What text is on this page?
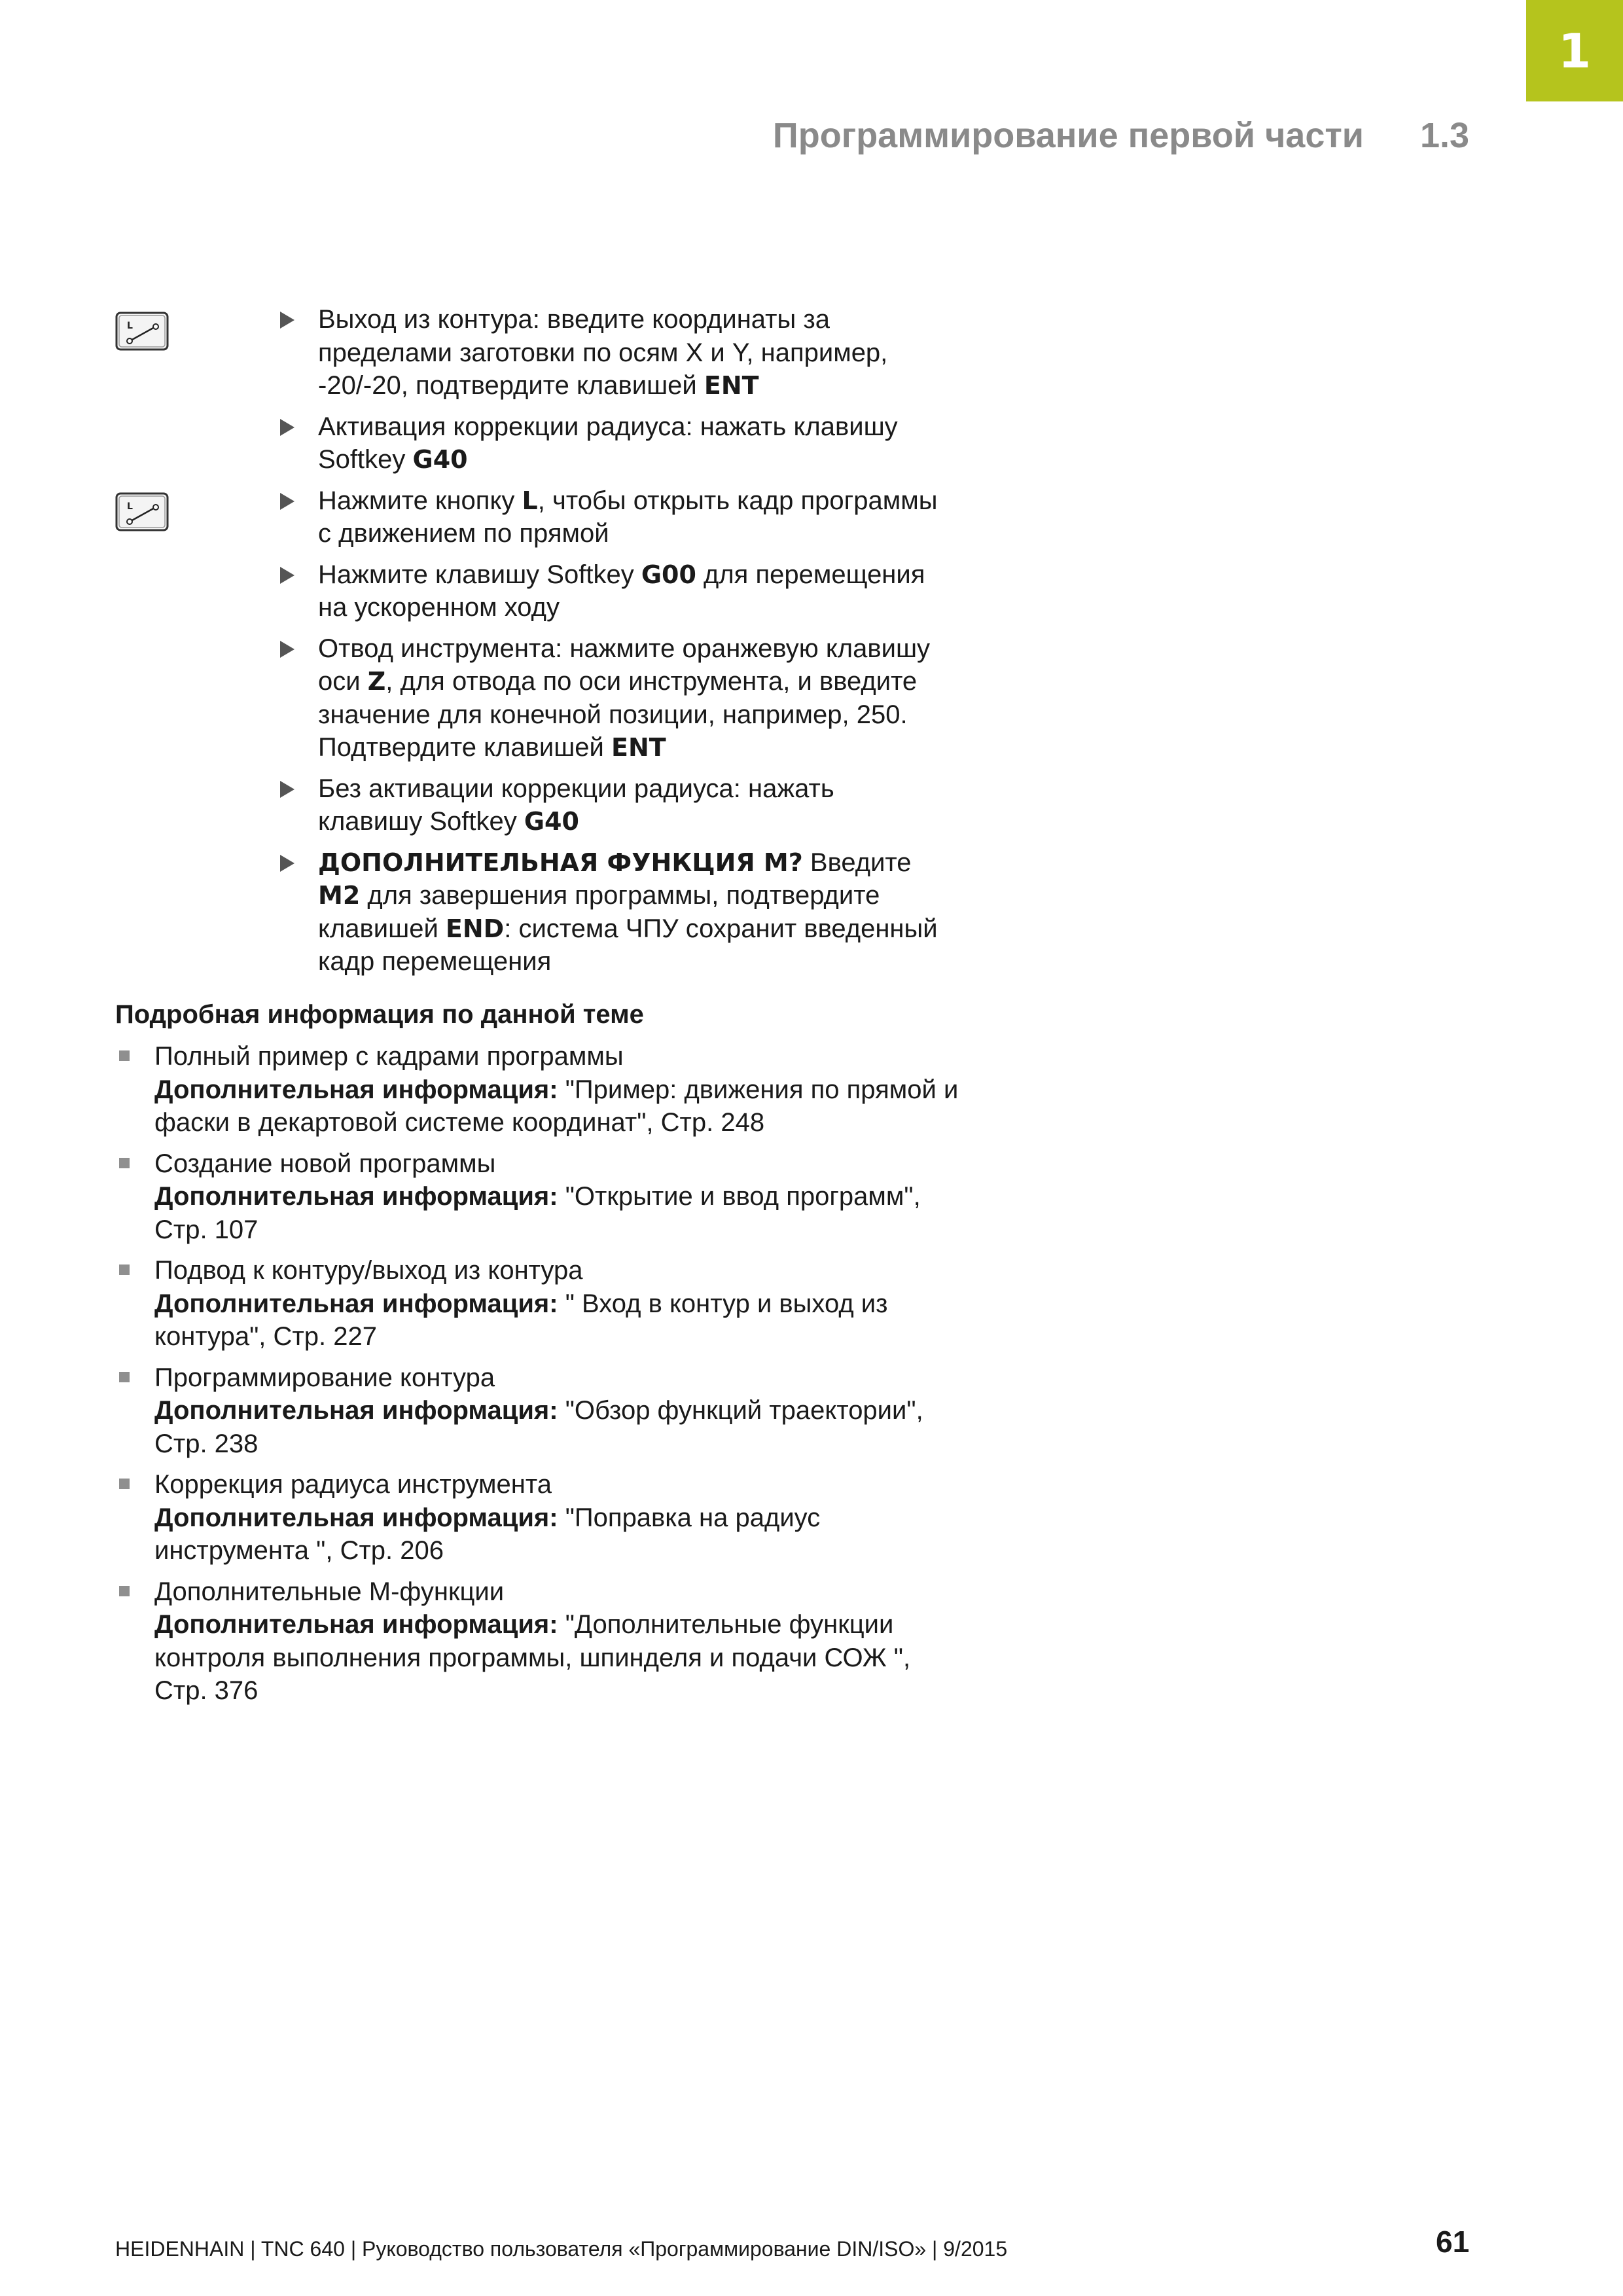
1
Программирование первой части 1.3
L
L
Выход из контура: введите координаты за пределами заготовки по осям X и Y, например, -20/-20, подтвердите клавишей ENT
Активация коррекции радиуса: нажать клавишу Softkey G40
Нажмите кнопку L, чтобы открыть кадр программы с движением по прямой
Нажмите клавишу Softkey G00 для перемещения на ускоренном ходу
Отвод инструмента: нажмите оранжевую клавишу оси Z, для отвода по оси инструмента, и введите значение для конечной позиции, например, 250. Подтвердите клавишей ENT
Без активации коррекции радиуса: нажать клавишу Softkey G40
ДОПОЛНИТЕЛЬНАЯ ФУНКЦИЯ M? Введите M2 для завершения программы, подтвердите клавишей END: система ЧПУ сохранит введенный кадр перемещения
Подробная информация по данной теме
Полный пример с кадрами программы
Дополнительная информация: "Пример: движения по прямой и фаски в декартовой системе координат", Стр. 248
Создание новой программы
Дополнительная информация: "Открытие и ввод программ", Стр. 107
Подвод к контуру/выход из контура
Дополнительная информация: " Вход в контур и выход из контура", Стр. 227
Программирование контура
Дополнительная информация: "Обзор функций траектории", Стр. 238
Коррекция радиуса инструмента
Дополнительная информация: "Поправка на радиус инструмента ", Стр. 206
Дополнительные М-функции
Дополнительная информация: "Дополнительные функции контроля выполнения программы, шпинделя и подачи СОЖ ", Стр. 376
HEIDENHAIN | TNC 640 | Руководство пользователя «Программирование DIN/ISO» | 9/2015	61
